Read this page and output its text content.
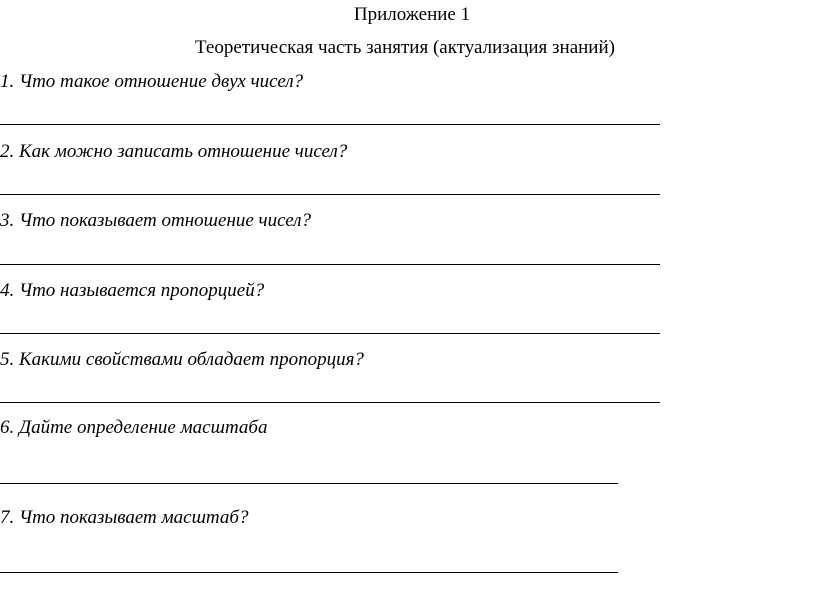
Приложение 1
Теоретическая часть занятия (актуализация знаний)
1. Что такое отношение двух чисел?
2. Как можно записать отношение чисел?
3. Что показывает отношение чисел?
4. Что называется пропорцией?
5. Какими свойствами обладает пропорция?
6. Дайте определение масштаба
7. Что показывает масштаб?
